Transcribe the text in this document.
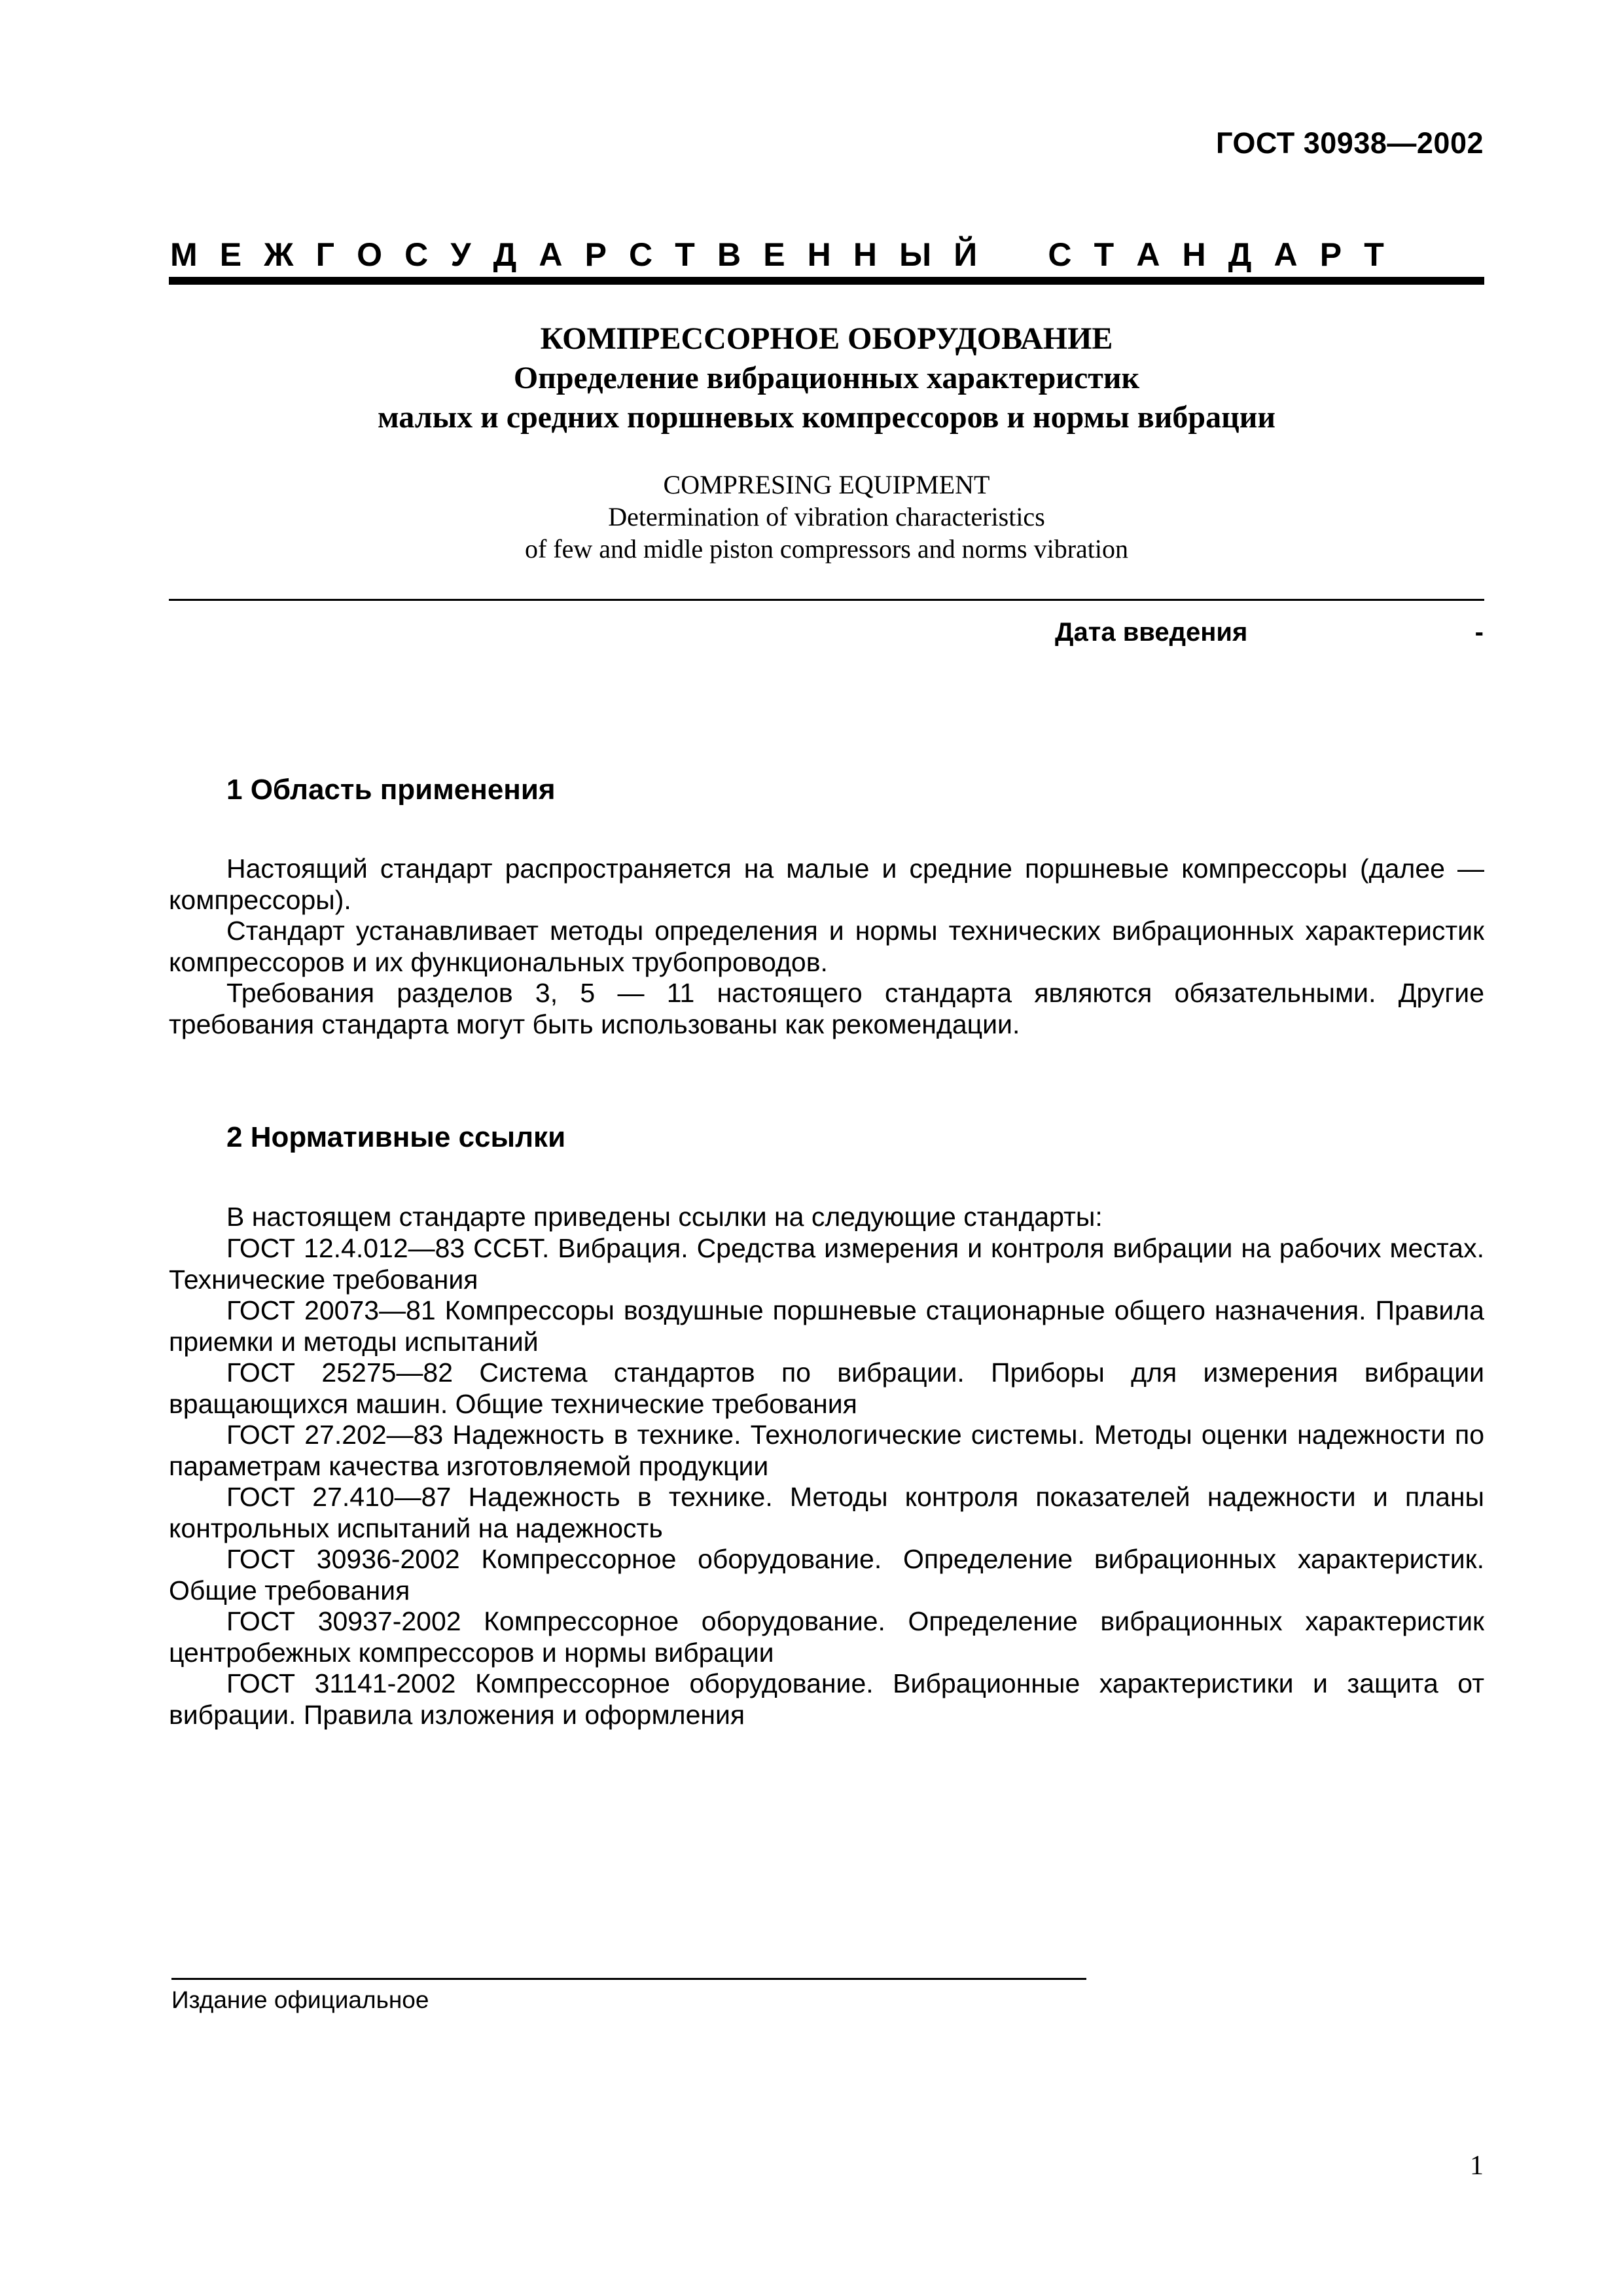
ГОСТ 30938—2002
М Е Ж Г О С У Д А Р С Т В Е Н Н Ы Й С Т А Н Д А Р Т
КОМПРЕССОРНОЕ ОБОРУДОВАНИЕ
Определение вибрационных характеристик
малых и средних поршневых компрессоров и нормы вибрации
COMPRESING EQUIPMENT
Determination of vibration characteristics
of few and midle piston compressors and norms vibration
Дата введения	-
1 Область применения
Настоящий стандарт распространяется на малые и средние поршневые компрессоры (далее — компрессоры).
Стандарт устанавливает методы определения и нормы технических вибрационных характеристик компрессоров и их функциональных трубопроводов.
Требования разделов 3, 5 — 11 настоящего стандарта являются обязательными. Другие требования стандарта могут быть использованы как рекомендации.
2 Нормативные ссылки
В настоящем стандарте приведены ссылки на следующие стандарты:
ГОСТ 12.4.012—83 ССБТ. Вибрация. Средства измерения и контроля вибрации на рабочих местах. Технические требования
ГОСТ 20073—81 Компрессоры воздушные поршневые стационарные общего назначения. Правила приемки и методы испытаний
ГОСТ 25275—82 Система стандартов по вибрации. Приборы для измерения вибрации вращающихся машин. Общие технические требования
ГОСТ 27.202—83 Надежность в технике. Технологические системы. Методы оценки надежности по параметрам качества изготовляемой продукции
ГОСТ 27.410—87 Надежность в технике. Методы контроля показателей надежности и планы контрольных испытаний на надежность
ГОСТ 30936-2002 Компрессорное оборудование. Определение вибрационных характеристик. Общие требования
ГОСТ 30937-2002 Компрессорное оборудование. Определение вибрационных характеристик центробежных компрессоров и нормы вибрации
ГОСТ 31141-2002 Компрессорное оборудование. Вибрационные характеристики и защита от вибрации. Правила изложения и оформления
Издание официальное
1
